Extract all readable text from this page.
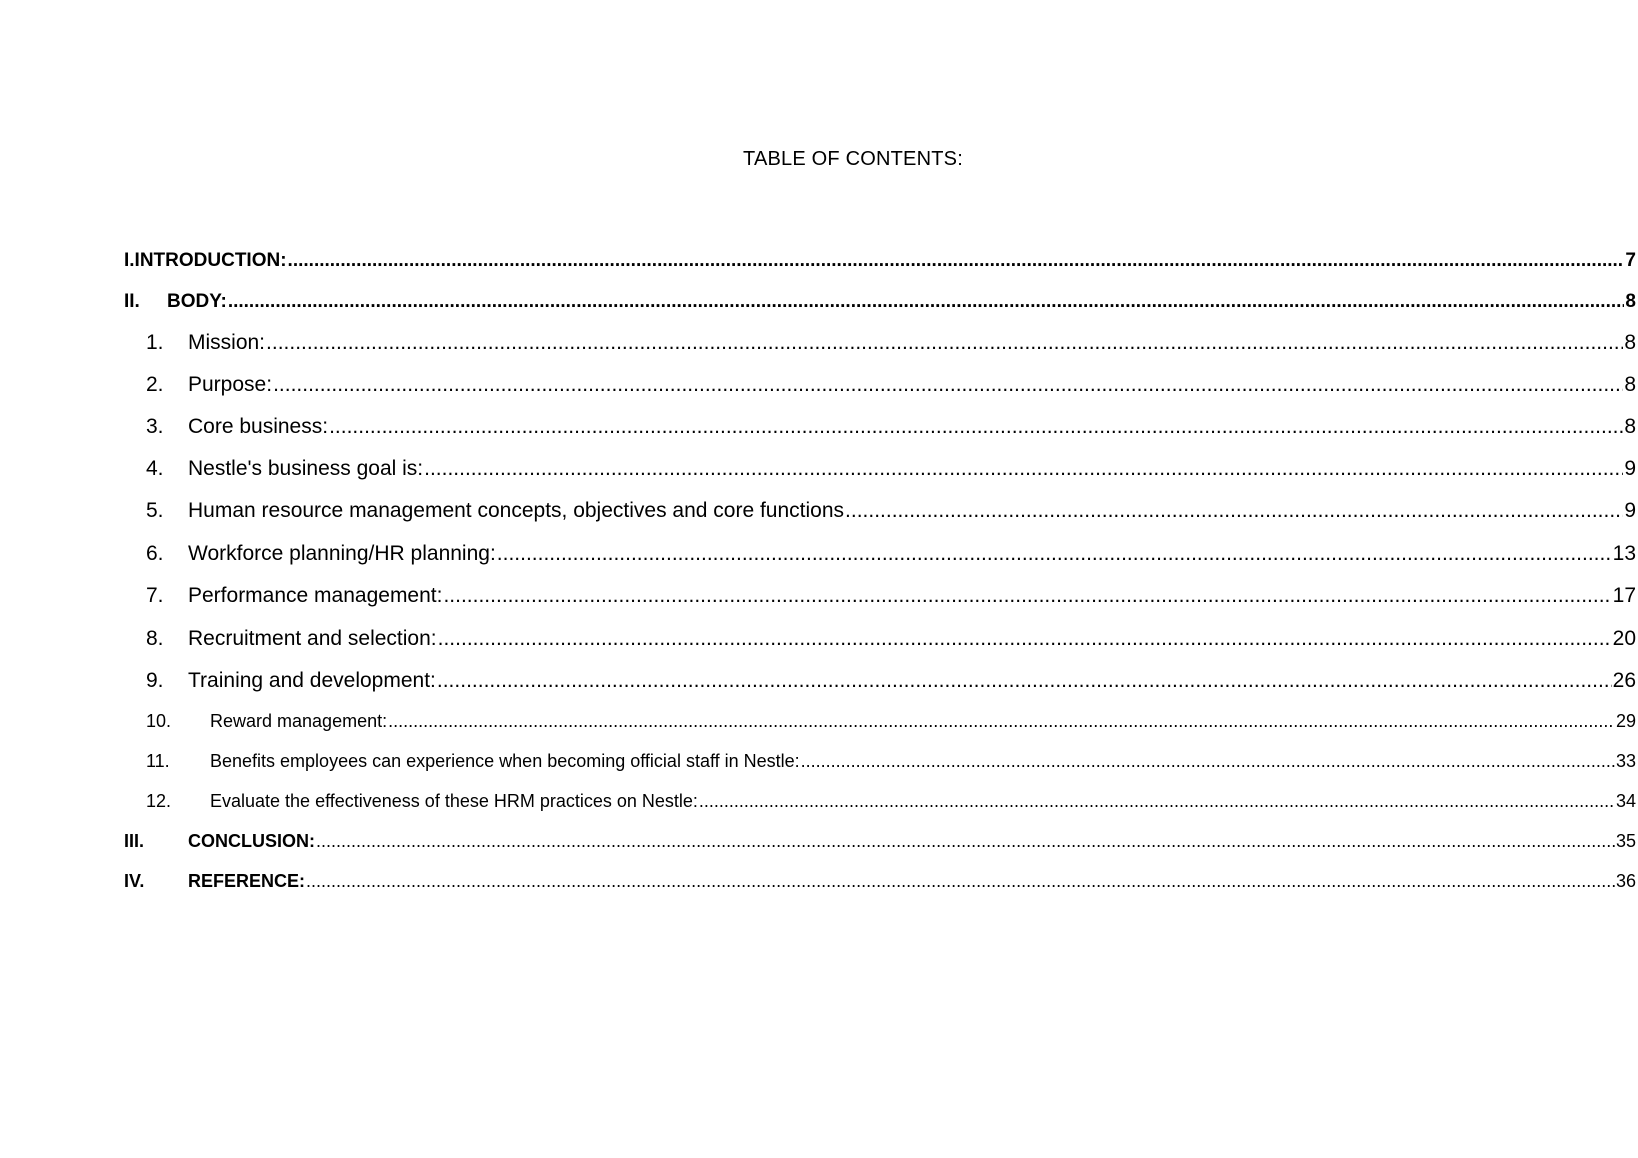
TABLE OF CONTENTS:
I.INTRODUCTION: .....	7
II.	BODY: .....	8
1.	Mission: .....	8
2.	Purpose: .....	8
3.	Core business: .....	8
4.	Nestle's business goal is: .....	9
5.	Human resource management concepts, objectives and core functions .....	9
6.	Workforce planning/HR planning: .....	13
7.	Performance management: .....	17
8.	Recruitment and selection: .....	20
9.	Training and development: .....	26
10.	Reward management: .....	29
11.	Benefits employees can experience when becoming official staff in Nestle: .....	33
12.	Evaluate the effectiveness of these HRM practices on Nestle: .....	34
III.	CONCLUSION: .....	35
IV.	REFERENCE: .....	36
